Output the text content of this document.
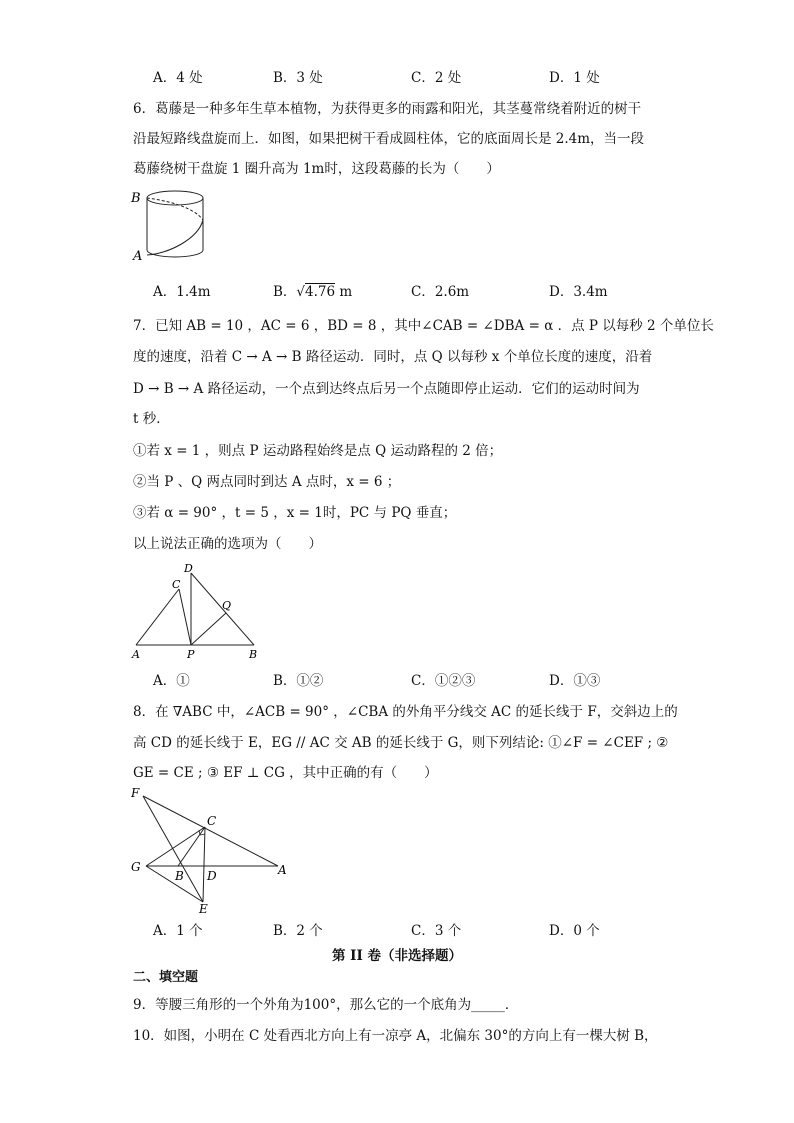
A．4 处	B．3 处	C．2 处	D．1 处
6．葛藤是一种多年生草本植物，为获得更多的雨露和阳光，其茎蔓常绕着附近的树干
沿最短路线盘旋而上．如图，如果把树干看成圆柱体，它的底面周长是 2.4m，当一段
葛藤绕树干盘旋 1 圈升高为 1m时，这段葛藤的长为（　　）
B
A
A．1.4m	B．√4.76 m	C．2.6m	D．3.4m
7．已知 AB = 10 ，AC = 6 ，BD = 8 ，其中∠CAB = ∠DBA = α ．点 P 以每秒 2 个单位长
度的速度，沿着 C → A → B 路径运动．同时，点 Q 以每秒 x 个单位长度的速度，沿着
D → B → A 路径运动，一个点到达终点后另一个点随即停止运动．它们的运动时间为
t 秒．
①若 x = 1 ，则点 P 运动路程始终是点 Q 运动路程的 2 倍；
②当 P 、Q 两点同时到达 A 点时，x = 6 ；
③若 α = 90° ，t = 5 ，x = 1时，PC 与 PQ 垂直；
以上说法正确的选项为（　　）
D
C
Q
A	P	B
A．①	B．①②	C．①②③	D．①③
8．在 ∇ABC 中，∠ACB = 90° ，∠CBA 的外角平分线交 AC 的延长线于 F，交斜边上的
高 CD 的延长线于 E，EG // AC 交 AB 的延长线于 G，则下列结论: ①∠F = ∠CEF ; ②
GE = CE ; ③ EF ⊥ CG ，其中正确的有（　　）
F
C
G
B D	A
E
A．1 个	B．2 个	C．3 个	D．0 个
第 II 卷（非选择题）
二、填空题
9．等腰三角形的一个外角为100°，那么它的一个底角为_____．
10．如图，小明在 C 处看西北方向上有一凉亭 A，北偏东 30°的方向上有一棵大树 B，
